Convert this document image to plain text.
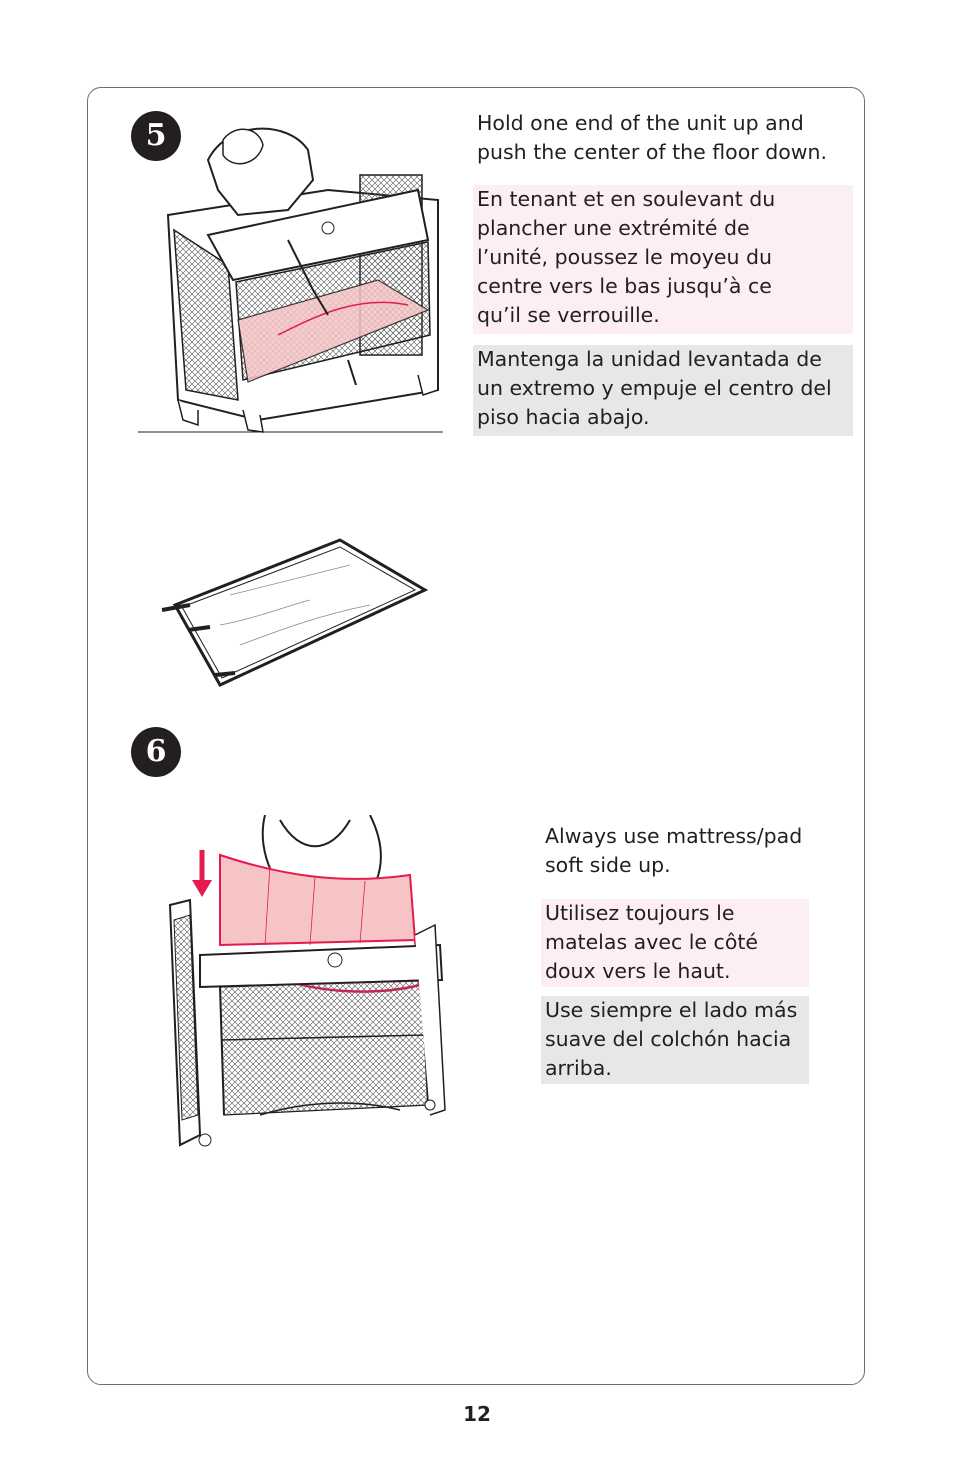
5	Hold one end of the unit up and push the center of the floor down.

En tenant et en soulevant du plancher une extrémité de l’unité, poussez le moyeu du centre vers le bas jusqu’à ce qu’il se verrouille.

Mantenga la unidad levantada de un extremo y empuje el centro del piso hacia abajo.

6

Always use mattress/pad soft side up.

Utilisez toujours le matelas avec le côté doux vers le haut.

Use siempre el lado más suave del colchón hacia arriba.

12
